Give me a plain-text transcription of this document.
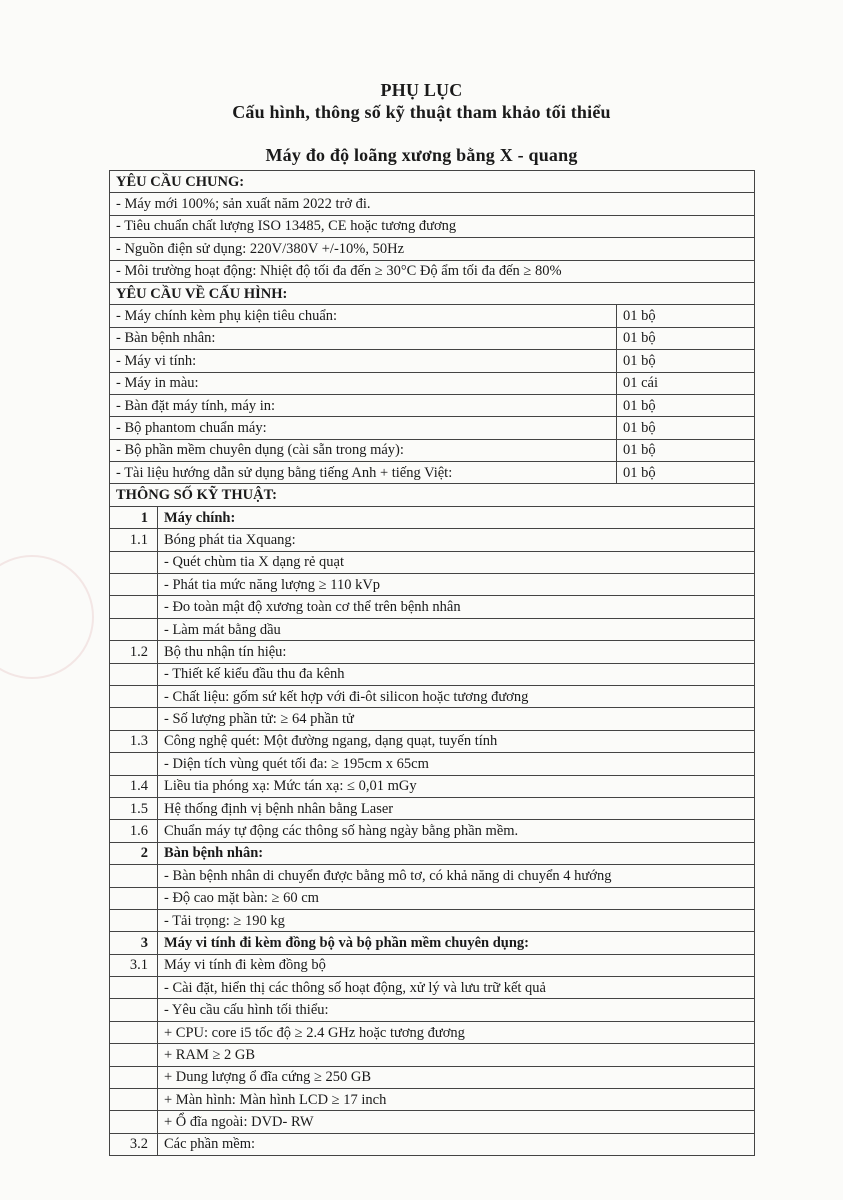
PHỤ LỤC
Cấu hình, thông số kỹ thuật tham khảo tối thiểu
Máy đo độ loãng xương bằng X - quang
YÊU CẦU CHUNG:		
- Máy mới 100%; sản xuất năm 2022 trở đi.		
- Tiêu chuẩn chất lượng ISO 13485, CE hoặc tương đương		
- Nguồn điện sử dụng: 220V/380V +/-10%, 50Hz		
- Môi trường hoạt động: Nhiệt độ tối đa đến ≥ 30°C Độ ẩm tối đa đến ≥ 80%		
YÊU CẦU VỀ CẤU HÌNH:		
- Máy chính kèm phụ kiện tiêu chuẩn:		01 bộ
- Bàn bệnh nhân:		01 bộ
- Máy vi tính:		01 bộ
- Máy in màu:		01 cái
- Bàn đặt máy tính, máy in:		01 bộ
- Bộ phantom chuẩn máy:		01 bộ
- Bộ phần mềm chuyên dụng (cài sẵn trong máy):		01 bộ
- Tài liệu hướng dẫn sử dụng bằng tiếng Anh + tiếng Việt:		01 bộ
THÔNG SỐ KỸ THUẬT:		
1	Máy chính:	
1.1	Bóng phát tia Xquang:	
	- Quét chùm tia X dạng rẻ quạt	
	- Phát tia mức năng lượng ≥ 110 kVp	
	- Đo toàn mật độ xương toàn cơ thể trên bệnh nhân	
	- Làm mát bằng dầu	
1.2	Bộ thu nhận tín hiệu:	
	- Thiết kế kiểu đầu thu đa kênh	
	- Chất liệu: gốm sứ kết hợp với đi-ôt silicon hoặc tương đương	
	- Số lượng phần tử: ≥ 64 phần tử	
1.3	Công nghệ quét: Một đường ngang, dạng quạt, tuyến tính	
	- Diện tích vùng quét tối đa: ≥ 195cm x 65cm	
1.4	Liều tia phóng xạ: Mức tán xạ: ≤ 0,01 mGy	
1.5	Hệ thống định vị bệnh nhân bằng Laser	
1.6	Chuẩn máy tự động các thông số hàng ngày bằng phần mềm.	
2	Bàn bệnh nhân:	
	- Bàn bệnh nhân di chuyển được bằng mô tơ, có khả năng di chuyển 4 hướng	
	- Độ cao mặt bàn: ≥ 60 cm	
	- Tải trọng: ≥ 190 kg	
3	Máy vi tính đi kèm đồng bộ và bộ phần mềm chuyên dụng:	
3.1	Máy vi tính đi kèm đồng bộ	
	- Cài đặt, hiển thị các thông số hoạt động, xử lý và lưu trữ kết quả	
	- Yêu cầu cấu hình tối thiểu:	
	+ CPU: core i5 tốc độ ≥ 2.4 GHz hoặc tương đương	
	+ RAM ≥ 2 GB	
	+ Dung lượng ổ đĩa cứng ≥ 250 GB	
	+ Màn hình: Màn hình LCD ≥ 17 inch	
	+ Ổ đĩa ngoài: DVD- RW	
3.2	Các phần mềm:	
